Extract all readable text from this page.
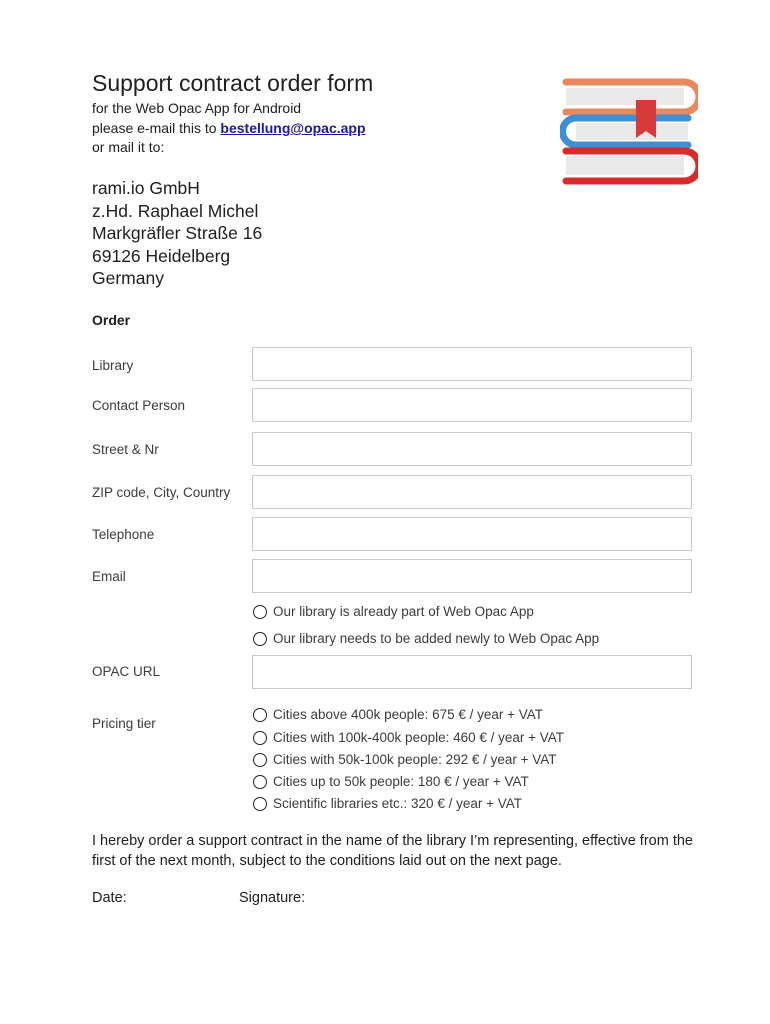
Support contract order form
for the Web Opac App for Android
please e-mail this to bestellung@opac.app
or mail it to:
rami.io GmbH
z.Hd. Raphael Michel
Markgräfler Straße 16
69126 Heidelberg
Germany
Order
Library
Contact Person
Street & Nr
ZIP code, City, Country
Telephone
Email
Our library is already part of Web Opac App
Our library needs to be added newly to Web Opac App
OPAC URL
Pricing tier
Cities above 400k people: 675 € / year + VAT
Cities with 100k-400k people: 460 € / year + VAT
Cities with 50k-100k people: 292 € / year + VAT
Cities up to 50k people: 180 € / year + VAT
Scientific libraries etc.: 320 € / year + VAT
I hereby order a support contract in the name of the library I’m representing, effective from the first of the next month, subject to the conditions laid out on the next page.
Date:	Signature:
